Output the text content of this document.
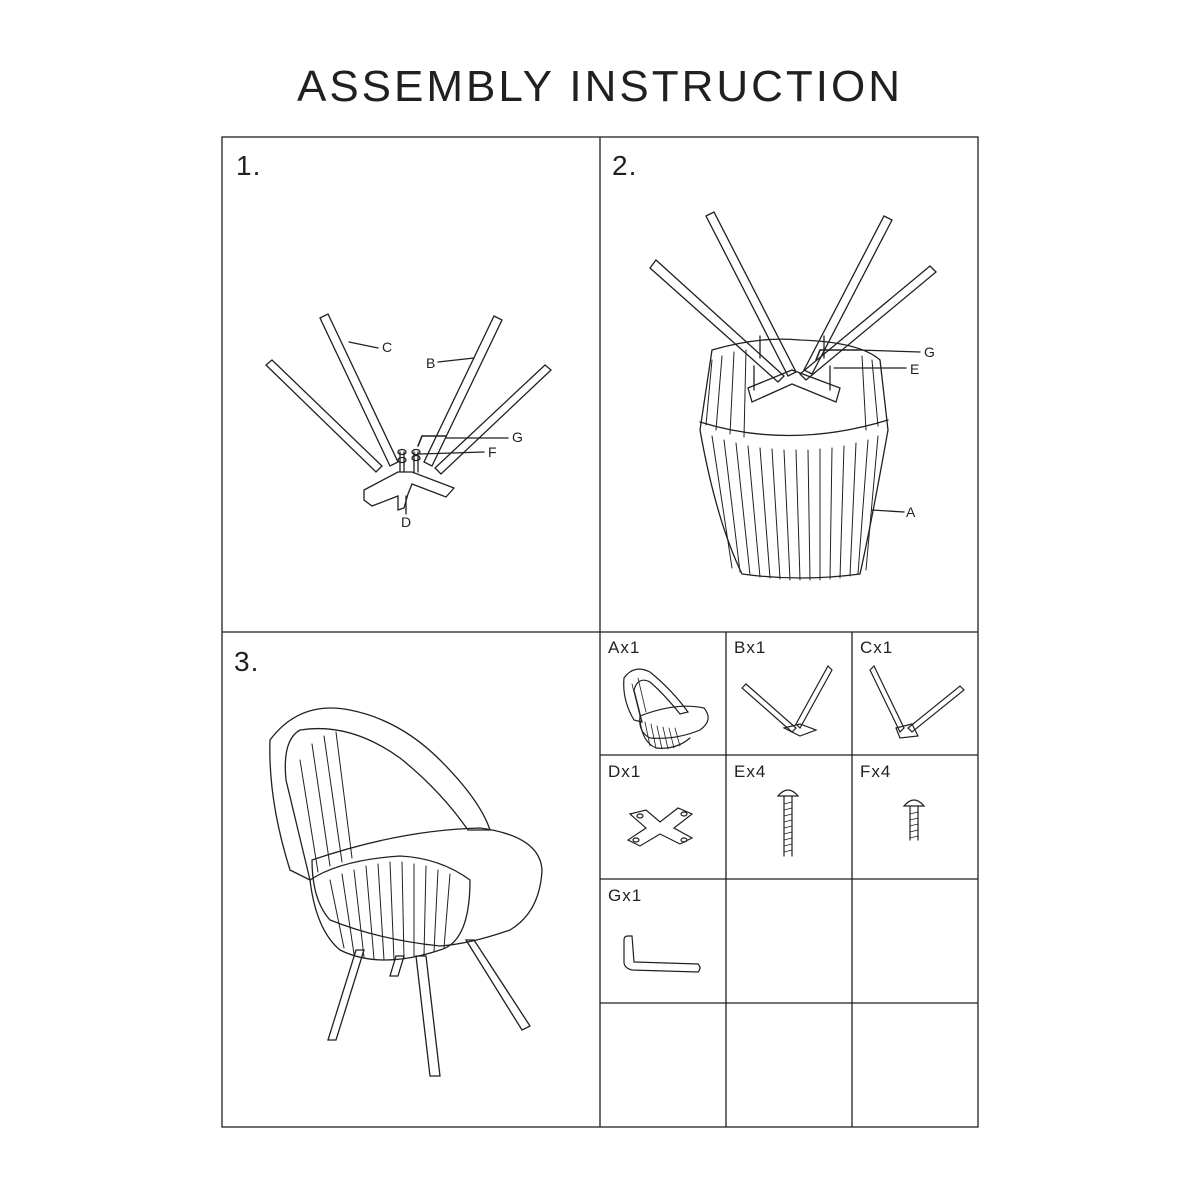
ASSEMBLY INSTRUCTION
1.	2.
3.
C
B
G
F
D
G
E
A
Ax1	Bx1	Cx1
Dx1	Ex4	Fx4
Gx1
